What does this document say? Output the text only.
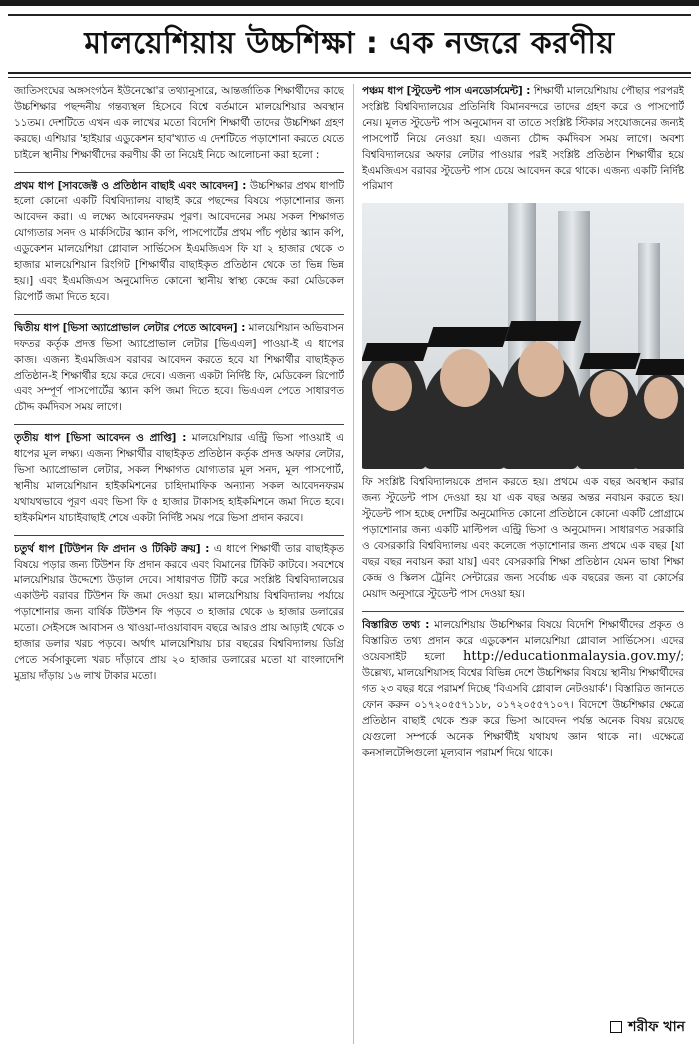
মালয়েশিয়ায় উচ্চশিক্ষা : এক নজরে করণীয়

জাতিসংঘের অঙ্গসংগঠন ইউনেস্কো'র তথ্যানুসারে, আন্তর্জাতিক শিক্ষার্থীদের কাছে উচ্চশিক্ষার পছন্দনীয় গন্তব্যস্থল হিসেবে বিশ্বে বর্তমানে মালয়েশিয়ার অবস্থান ১১তম। দেশটিতে এখন এক লাখের মতো বিদেশি শিক্ষার্থী তাদের উচ্চশিক্ষা গ্রহণ করছে। এশিয়ার 'হাইয়ার এডুকেশন হাব'খ্যাত এ দেশটিতে পড়াশোনা করতে যেতে চাইলে স্থানীয় শিক্ষার্থীদের করণীয় কী তা নিয়েই নিচে আলোচনা করা হলো :

প্রথম ধাপ [সাবজেক্ট ও প্রতিষ্ঠান বাছাই এবং আবেদন] : উচ্চশিক্ষার প্রথম ধাপটি হলো কোনো একটি বিশ্ববিদ্যালয় বাছাই করে পছন্দের বিষয়ে পড়াশোনার জন্য আবেদন করা। এ লক্ষ্যে আবেদনফরম পূরণ। আবেদনের সময় সকল শিক্ষাগত যোগ্যতার সনদ ও মার্কসিটের স্ক্যান কপি, পাসপোর্টের প্রথম পাঁচ পৃষ্ঠার স্ক্যান কপি, এডুকেশন মালয়েশিয়া গ্লোবাল সার্ভিসেস ইএমজিএস ফি যা ২ হাজার থেকে ৩ হাজার মালয়েশিয়ান রিংগিট [শিক্ষার্থীর বাছাইকৃত প্রতিষ্ঠান থেকে তা ভিন্ন ভিন্ন হয়।] এবং ইএমজিএস অনুমোদিত কোনো স্থানীয় স্বাস্থ্য কেন্দ্রে করা মেডিকেল রিপোর্ট জমা দিতে হবে।

দ্বিতীয় ধাপ [ভিসা অ্যাপ্রোভাল লেটার পেতে আবেদন] : মালয়েশিয়ান অভিবাসন দফতর কর্তৃক প্রদত্ত ভিসা অ্যাপ্রোভাল লেটার [ভিএএল] পাওয়া-ই এ ধাপের কাজ। এজন্য ইএমজিএস বরাবর আবেদন করতে হবে যা শিক্ষার্থীর বাছাইকৃত প্রতিষ্ঠান-ই শিক্ষার্থীর হয়ে করে দেবে। এজন্য একটা নির্দিষ্ট ফি, মেডিকেল রিপোর্ট এবং সম্পূর্ণ পাসপোর্টের স্ক্যান কপি জমা দিতে হবে। ভিএএল পেতে সাধারণত চৌদ্দ কর্মদিবস সময় লাগে।

তৃতীয় ধাপ [ভিসা আবেদন ও প্রাপ্তি] : মালয়েশিয়ার এন্ট্রি ভিসা পাওয়াই এ ধাপের মূল লক্ষ্য। এজন্য শিক্ষার্থীর বাছাইকৃত প্রতিষ্ঠান কর্তৃক প্রদত্ত অফার লেটার, ভিসা অ্যাপ্রোভাল লেটার, সকল শিক্ষাগত যোগ্যতার মূল সনদ, মূল পাসপোর্ট, স্থানীয় মালয়েশিয়ান হাইকমিশনের চাহিদামাফিক অন্যান্য সকল আবেদনফরম যথাযথভাবে পূরণ এবং ভিসা ফি ৫ হাজার টাকাসহ হাইকমিশনে জমা দিতে হবে। হাইকমিশন যাচাইবাছাই শেষে একটা নির্দিষ্ট সময় পরে ভিসা প্রদান করবে।

চতুর্থ ধাপ [টিউশন ফি প্রদান ও টিকিট ক্রয়] : এ ধাপে শিক্ষার্থী তার বাছাইকৃত বিষয়ে পড়ার জন্য টিউশন ফি প্রদান করবে এবং বিমানের টিকিট কাটবে। সবশেষে মালয়েশিয়ার উদ্দেশ্যে উড়াল দেবে। সাধারণত টিটি করে সংশ্লিষ্ট বিশ্ববিদ্যালয়ের একাউন্ট বরাবর টিউশন ফি জমা দেওয়া হয়। মালয়েশিয়ায় বিশ্ববিদ্যালয় পর্যায়ে পড়াশোনার জন্য বার্ষিক টিউশন ফি পড়বে ৩ হাজার থেকে ৬ হাজার ডলারের মতো। সেইসঙ্গে আবাসন ও খাওয়া-দাওয়াবাবদ বছরে আরও প্রায় আড়াই থেকে ৩ হাজার ডলার খরচ পড়বে। অর্থাৎ মালয়েশিয়ায় চার বছরের বিশ্ববিদ্যালয় ডিগ্রি পেতে সর্বসাকুল্যে খরচ দাঁড়াবে প্রায় ২০ হাজার ডলারের মতো যা বাংলাদেশি মুদ্রায় দাঁড়ায় ১৬ লাখ টাকার মতো।

পঞ্চম ধাপ [স্টুডেন্ট পাস এনডোর্সমেন্ট] : শিক্ষার্থী মালয়েশিয়ায় পৌছার পরপরই সংশ্লিষ্ট বিশ্ববিদ্যালয়ের প্রতিনিধি বিমানবন্দরে তাদের গ্রহণ করে ও পাসপোর্ট নেয়। মূলত স্টুডেন্ট পাস অনুমোদন বা তাতে সংশ্লিষ্ট স্টিকার সংযোজনের জন্যই পাসপোর্ট নিয়ে নেওয়া হয়। এজন্য চৌদ্দ কর্মদিবস সময় লাগে। অবশ্য বিশ্ববিদ্যালয়ের অফার লেটার পাওয়ার পরই সংশ্লিষ্ট প্রতিষ্ঠান শিক্ষার্থীর হয়ে ইএমজিএস বরাবর স্টুডেন্ট পাস চেয়ে আবেদন করে থাকে। এজন্য একটি নির্দিষ্ট পরিমাণ

ফি সংশ্লিষ্ট বিশ্ববিদ্যালয়কে প্রদান করতে হয়। প্রথমে এক বছর অবস্থান করার জন্য স্টুডেন্ট পাস দেওয়া হয় যা এক বছর অন্তর অন্তর নবায়ন করতে হয়। স্টুডেন্ট পাস হচ্ছে দেশটির অনুমোদিত কোনো প্রতিষ্ঠানে কোনো একটি প্রোগ্রামে পড়াশোনার জন্য একটি মাল্টিপল এন্ট্রি ভিসা ও অনুমোদন। সাধারণত সরকারি ও বেসরকারি বিশ্ববিদ্যালয় এবং কলেজে পড়াশোনার জন্য প্রথমে এক বছর [যা বছর বছর নবায়ন করা যায়] এবং বেসরকারি শিক্ষা প্রতিষ্ঠান যেমন ভাষা শিক্ষা কেন্দ্র ও স্কিলস ট্রেনিং সেন্টারের জন্য সর্বোচ্চ এক বছরের জন্য বা কোর্সের মেয়াদ অনুসারে স্টুডেন্ট পাস দেওয়া হয়।

বিস্তারিত তথ্য : মালয়েশিয়ায় উচ্চশিক্ষার বিষয়ে বিদেশি শিক্ষার্থীদের প্রকৃত ও বিস্তারিত তথ্য প্রদান করে এডুকেশন মালয়েশিয়া গ্লোবাল সার্ভিসেস। এদের ওয়েবসাইট হলো http://educationmalaysia.gov.my/; উল্লেখ্য, মালয়েশিয়াসহ বিশ্বের বিভিন্ন দেশে উচ্চশিক্ষার বিষয়ে স্থানীয় শিক্ষার্থীদের গত ২৩ বছর ধরে পরামর্শ দিচ্ছে 'বিএসবি গ্লোবাল নেটওয়ার্ক'। বিস্তারিত জানতে ফোন করুন ০১৭২০৫৫৭১১৮, ০১৭২০৫৫৭১০৭। বিদেশে উচ্চশিক্ষার ক্ষেত্রে প্রতিষ্ঠান বাছাই থেকে শুরু করে ভিসা আবেদন পর্যন্ত অনেক বিষয় রয়েছে যেগুলো সম্পর্কে অনেক শিক্ষার্থীই যথাযথ জ্ঞান থাকে না। এক্ষেত্রে কনসালটেন্সিগুলো মূল্যবান পরামর্শ দিয়ে থাকে।

শরীফ খান
